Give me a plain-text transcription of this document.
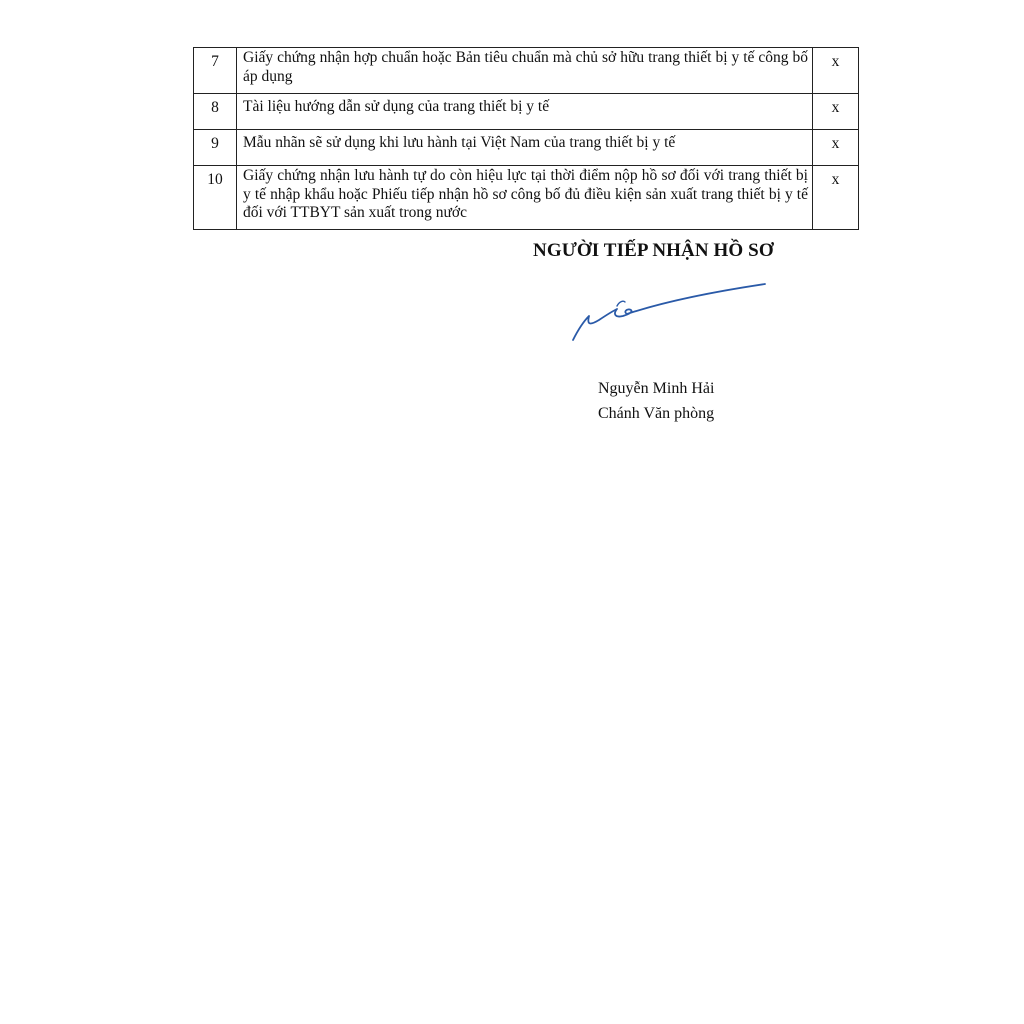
7	Giấy chứng nhận hợp chuẩn hoặc Bản tiêu chuẩn mà chủ sở hữu trang thiết bị y tế công bố áp dụng	x
8	Tài liệu hướng dẫn sử dụng của trang thiết bị y tế	x
9	Mẫu nhãn sẽ sử dụng khi lưu hành tại Việt Nam của trang thiết bị y tế	x
10	Giấy chứng nhận lưu hành tự do còn hiệu lực tại thời điểm nộp hồ sơ đối với trang thiết bị y tế nhập khẩu hoặc Phiếu tiếp nhận hồ sơ công bố đủ điều kiện sản xuất trang thiết bị y tế đối với TTBYT sản xuất trong nước	x
NGƯỜI TIẾP NHẬN HỒ SƠ
Nguyễn Minh Hải
Chánh Văn phòng
